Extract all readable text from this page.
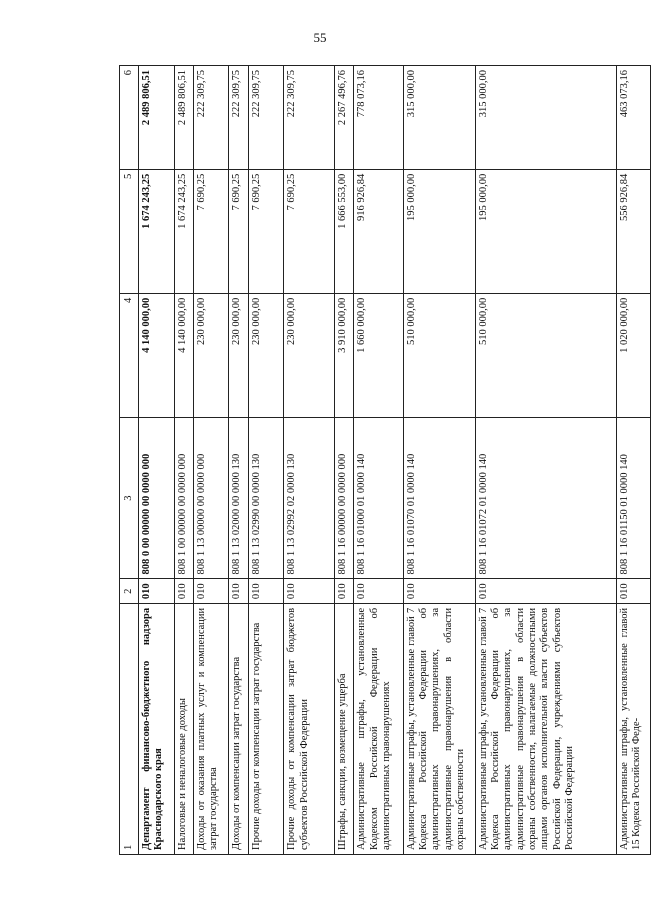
55
1	2	3	4	5	6
Департамент финансово-бюджетного надзора Краснодарского края	010	808 0 00 00000 00 0000 000	4 140 000,00	1 674 243,25	2 489 806,51
Налоговые и неналоговые доходы	010	808 1 00 00000 00 0000 000	4 140 000,00	1 674 243,25	2 489 806,51
Доходы от оказания платных услуг и компенсации затрат государства	010	808 1 13 00000 00 0000 000	230 000,00	7 690,25	222 309,75
Доходы от компенсации затрат государства	010	808 1 13 02000 00 0000 130	230 000,00	7 690,25	222 309,75
Прочие доходы от компенсации затрат государства	010	808 1 13 02990 00 0000 130	230 000,00	7 690,25	222 309,75
Прочие доходы от компенсации затрат бюджетов субъектов Российской Федерации	010	808 1 13 02992 02 0000 130	230 000,00	7 690,25	222 309,75
Штрафы, санкции, возмещение ущерба	010	808 1 16 00000 00 0000 000	3 910 000,00	1 666 553,00	2 267 496,76
Административные штрафы, установленные Кодексом Российской Федерации об административных правонарушениях	010	808 1 16 01000 01 0000 140	1 660 000,00	916 926,84	778 073,16
Административные штрафы, установленные главой 7 Кодекса Российской Федерации об административных правонарушениях, за административные правонарушения в области охраны собственности	010	808 1 16 01070 01 0000 140	510 000,00	195 000,00	315 000,00
Административные штрафы, установленные главой 7 Кодекса Российской Федерации об административных правонарушениях, за административные правонарушения в области охраны собственности, налагаемые должностными лицами органов исполнительной власти субъектов Российской Федерации, учреждениями субъектов Российской Федерации	010	808 1 16 01072 01 0000 140	510 000,00	195 000,00	315 000,00
Административные штрафы, установленные главой 15 Кодекса Российской Феде-	010	808 1 16 01150 01 0000 140	1 020 000,00	556 926,84	463 073,16
